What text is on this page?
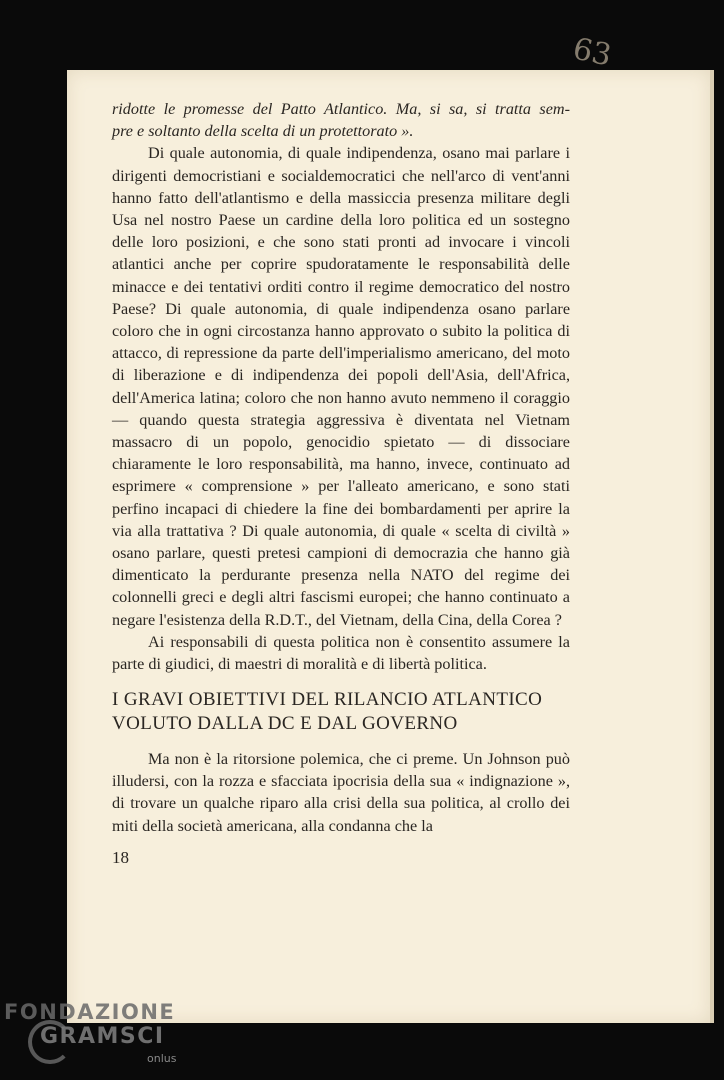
63

ridotte le promesse del Patto Atlantico. Ma, si sa, si tratta sem-

pre e soltanto della scelta di un protettorato ».

Di quale autonomia, di quale indipendenza, osano mai parlare i dirigenti democristiani e socialdemocratici che nell'arco di vent'anni hanno fatto dell'atlantismo e della massiccia presenza militare degli Usa nel nostro Paese un cardine della loro politica ed un sostegno delle loro posizioni, e che sono stati pronti ad invocare i vincoli atlantici anche per coprire spudoratamente le responsabilità delle minacce e dei tentativi orditi contro il regime democratico del nostro Paese? Di quale autonomia, di quale indipendenza osano parlare coloro che in ogni circostanza hanno approvato o subito la politica di attacco, di repressione da parte dell'imperialismo americano, del moto di liberazione e di indipendenza dei popoli dell'Asia, dell'Africa, dell'America latina; coloro che non hanno avuto nemmeno il coraggio — quando questa strategia aggressiva è diventata nel Vietnam massacro di un popolo, genocidio spietato — di dissociare chiaramente le loro responsabilità, ma hanno, invece, continuato ad esprimere « comprensione » per l'alleato americano, e sono stati perfino incapaci di chiedere la fine dei bombardamenti per aprire la via alla trattativa ? Di quale autonomia, di quale « scelta di civiltà » osano parlare, questi pretesi campioni di democrazia che hanno già dimenticato la perdurante presenza nella NATO del regime dei colonnelli greci e degli altri fascismi europei; che hanno continuato a negare l'esistenza della R.D.T., del Vietnam, della Cina, della Corea ?

Ai responsabili di questa politica non è consentito assumere la parte di giudici, di maestri di moralità e di libertà politica.

I GRAVI OBIETTIVI DEL RILANCIO ATLANTICO
VOLUTO DALLA DC E DAL GOVERNO

Ma non è la ritorsione polemica, che ci preme. Un Johnson può illudersi, con la rozza e sfacciata ipocrisia della sua « indignazione », di trovare un qualche riparo alla crisi della sua politica, al crollo dei miti della società americana, alla condanna che la

18
FONDAZIONE
GRAMSCI
onlus
